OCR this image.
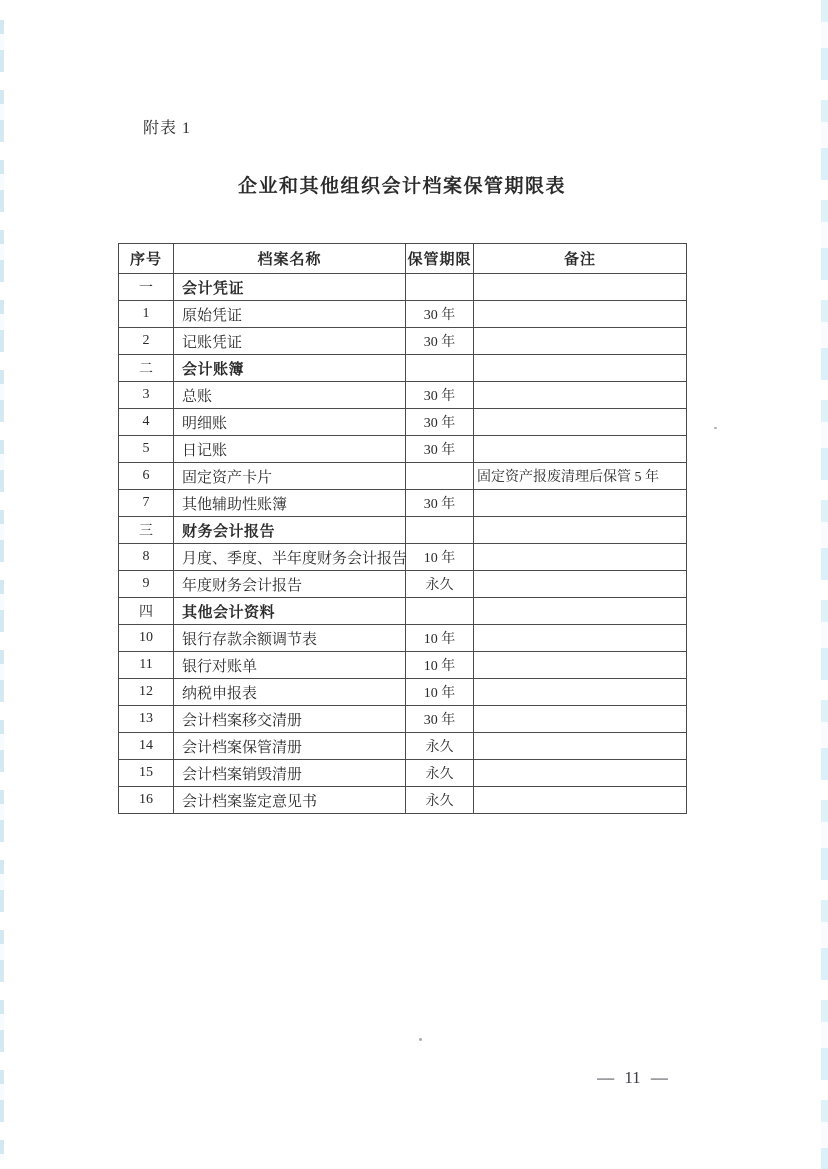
附表 1
企业和其他组织会计档案保管期限表
序号	档案名称	保管期限	备注
一	会计凭证		
1	原始凭证	30 年	
2	记账凭证	30 年	
二	会计账簿		
3	总账	30 年	
4	明细账	30 年	
5	日记账	30 年	
6	固定资产卡片		固定资产报废清理后保管 5 年
7	其他辅助性账簿	30 年	
三	财务会计报告		
8	月度、季度、半年度财务会计报告	10 年	
9	年度财务会计报告	永久	
四	其他会计资料		
10	银行存款余额调节表	10 年	
11	银行对账单	10 年	
12	纳税申报表	10 年	
13	会计档案移交清册	30 年	
14	会计档案保管清册	永久	
15	会计档案销毁清册	永久	
16	会计档案鉴定意见书	永久	
— 11 —
